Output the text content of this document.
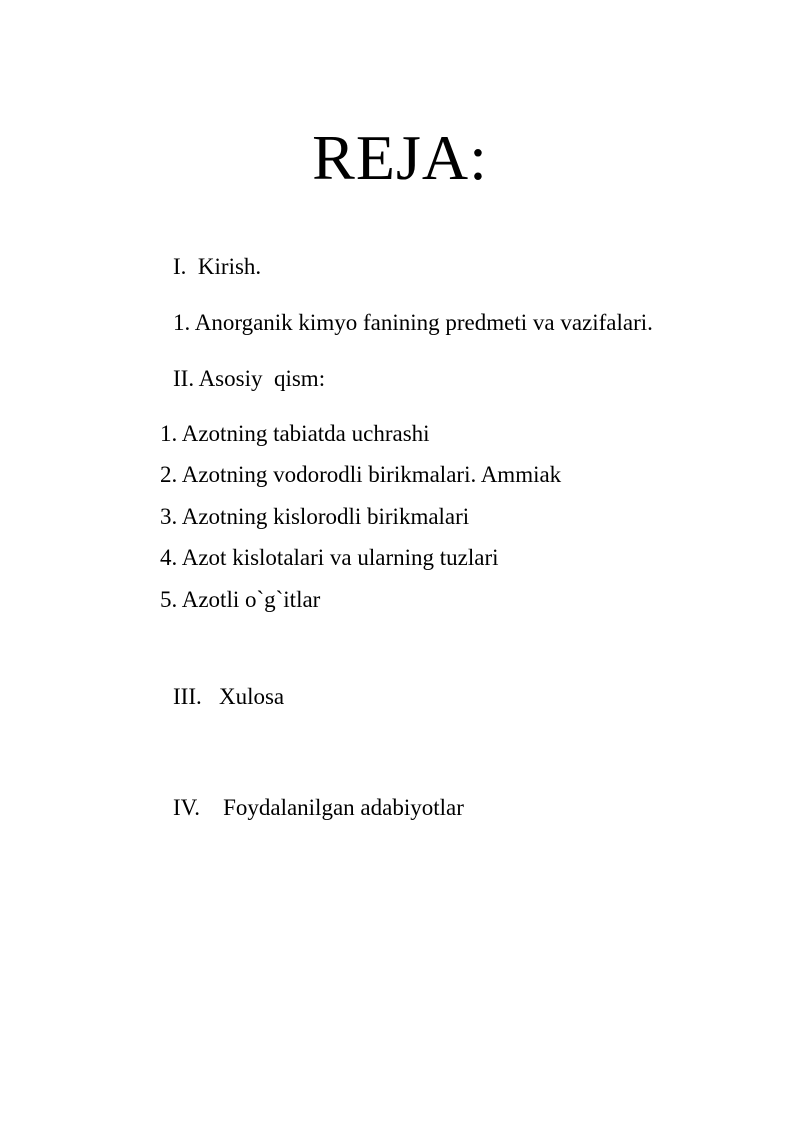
REJA:

I. Kirish.

1. Anorganik kimyo fanining predmeti va vazifalari.

II. Asosiy  qism:

1. Azotning tabiatda uchrashi

2. Azotning vodorodli birikmalari. Ammiak

3. Azotning kislorodli birikmalari

4. Azot kislotalari va ularning tuzlari

5. Azotli o`g`itlar

III. Xulosa

IV. Foydalanilgan adabiyotlar
